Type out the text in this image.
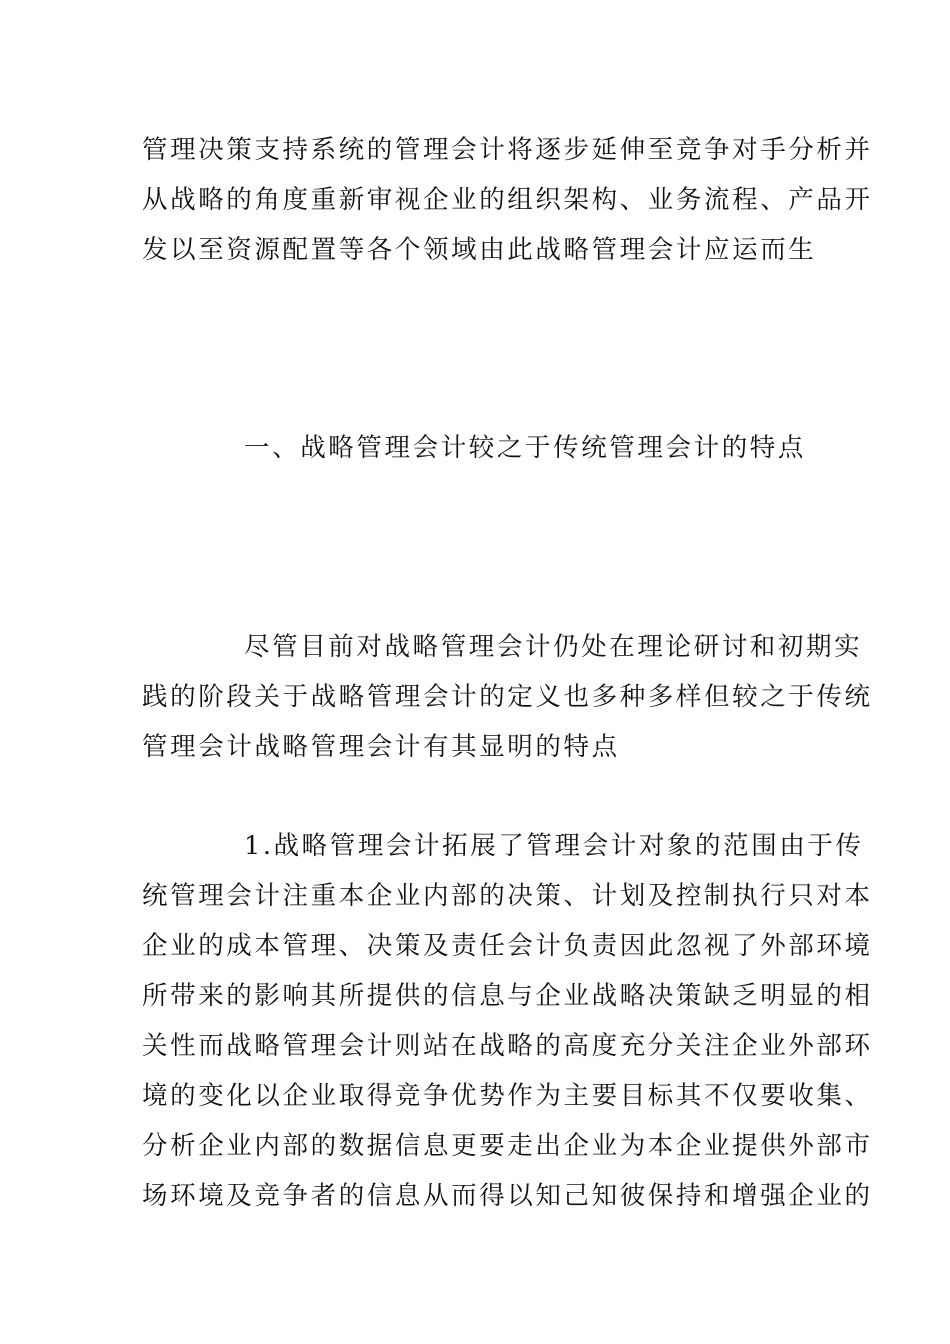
管理决策支持系统的管理会计将逐步延伸至竞争对手分析并
从战略的角度重新审视企业的组织架构、业务流程、产品开
发以至资源配置等各个领域由此战略管理会计应运而生
一、战略管理会计较之于传统管理会计的特点
尽管目前对战略管理会计仍处在理论研讨和初期实
践的阶段关于战略管理会计的定义也多种多样但较之于传统
管理会计战略管理会计有其显明的特点
1.战略管理会计拓展了管理会计对象的范围由于传
统管理会计注重本企业内部的决策、计划及控制执行只对本
企业的成本管理、决策及责任会计负责因此忽视了外部环境
所带来的影响其所提供的信息与企业战略决策缺乏明显的相
关性而战略管理会计则站在战略的高度充分关注企业外部环
境的变化以企业取得竞争优势作为主要目标其不仅要收集、
分析企业内部的数据信息更要走出企业为本企业提供外部市
场环境及竞争者的信息从而得以知己知彼保持和增强企业的
